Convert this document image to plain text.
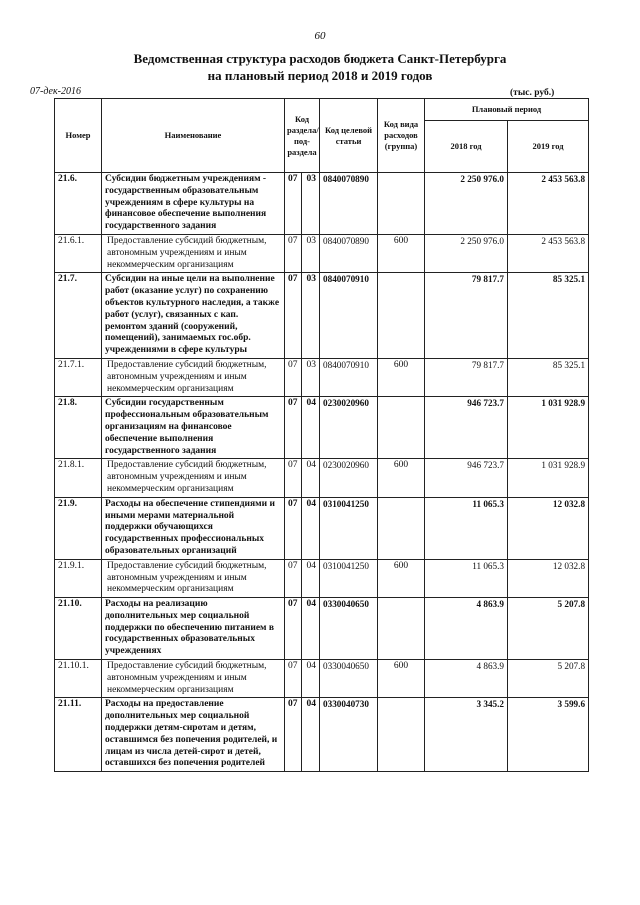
60
Ведомственная структура расходов бюджета Санкт-Петербурга
на плановый период 2018 и 2019 годов
07-дек-2016	(тыс. руб.)
Номер	Наименование	Код раздела/ под-раздела		Код целевой статьи	Код вида расходов (группа)	Плановый период	
						2018 год	2019 год
21.6.	Субсидии бюджетным учреждениям - государственным образовательным учреждениям в сфере культуры на финансовое обеспечение выполнения государственного задания	07	03	0840070890		2 250 976.0	2 453 563.8
21.6.1.	Предоставление субсидий бюджетным, автономным учреждениям и иным некоммерческим организациям	07	03	0840070890	600	2 250 976.0	2 453 563.8
21.7.	Субсидии на иные цели на выполнение работ (оказание услуг) по сохранению объектов культурного наследия, а также работ (услуг), связанных с кап. ремонтом зданий (сооружений, помещений), занимаемых гос.обр. учреждениями в сфере культуры	07	03	0840070910		79 817.7	85 325.1
21.7.1.	Предоставление субсидий бюджетным, автономным учреждениям и иным некоммерческим организациям	07	03	0840070910	600	79 817.7	85 325.1
21.8.	Субсидии государственным профессиональным образовательным организациям на финансовое обеспечение выполнения государственного задания	07	04	0230020960		946 723.7	1 031 928.9
21.8.1.	Предоставление субсидий бюджетным, автономным учреждениям и иным некоммерческим организациям	07	04	0230020960	600	946 723.7	1 031 928.9
21.9.	Расходы на обеспечение стипендиями и иными мерами материальной поддержки обучающихся государственных профессиональных образовательных организаций	07	04	0310041250		11 065.3	12 032.8
21.9.1.	Предоставление субсидий бюджетным, автономным учреждениям и иным некоммерческим организациям	07	04	0310041250	600	11 065.3	12 032.8
21.10.	Расходы на реализацию дополнительных мер социальной поддержки по обеспечению питанием в государственных образовательных учреждениях	07	04	0330040650		4 863.9	5 207.8
21.10.1.	Предоставление субсидий бюджетным, автономным учреждениям и иным некоммерческим организациям	07	04	0330040650	600	4 863.9	5 207.8
21.11.	Расходы на предоставление дополнительных мер социальной поддержки детям-сиротам и детям, оставшимся без попечения родителей, и лицам из числа детей-сирот и детей, оставшихся без попечения родителей	07	04	0330040730		3 345.2	3 599.6
